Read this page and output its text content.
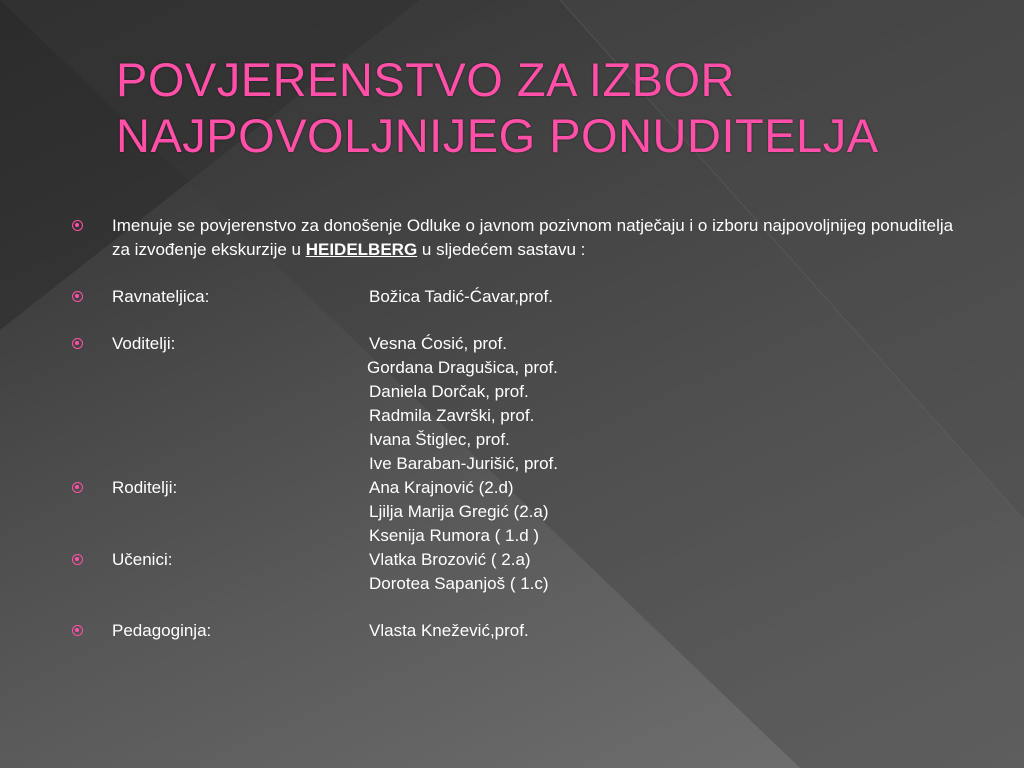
POVJERENSTVO ZA IZBOR
NAJPOVOLJNIJEG PONUDITELJA
Imenuje se povjerenstvo za donošenje Odluke o javnom pozivnom natječaju i o izboru najpovoljnijeg ponuditelja za izvođenje ekskurzije u HEIDELBERG u sljedećem sastavu :
Ravnateljica:	Božica Tadić-Ćavar,prof.
Voditelji:	Vesna Ćosić, prof.
Gordana Dragušica, prof.
Daniela Dorčak, prof.
Radmila Završki, prof.
Ivana Štiglec, prof.
Ive Baraban-Jurišić, prof.
Roditelji:	Ana Krajnović (2.d)
Ljilja Marija Gregić (2.a)
Ksenija Rumora ( 1.d )
Učenici:	Vlatka Brozović ( 2.a)
Dorotea Sapanjoš ( 1.c)
Pedagoginja:	Vlasta Knežević,prof.
